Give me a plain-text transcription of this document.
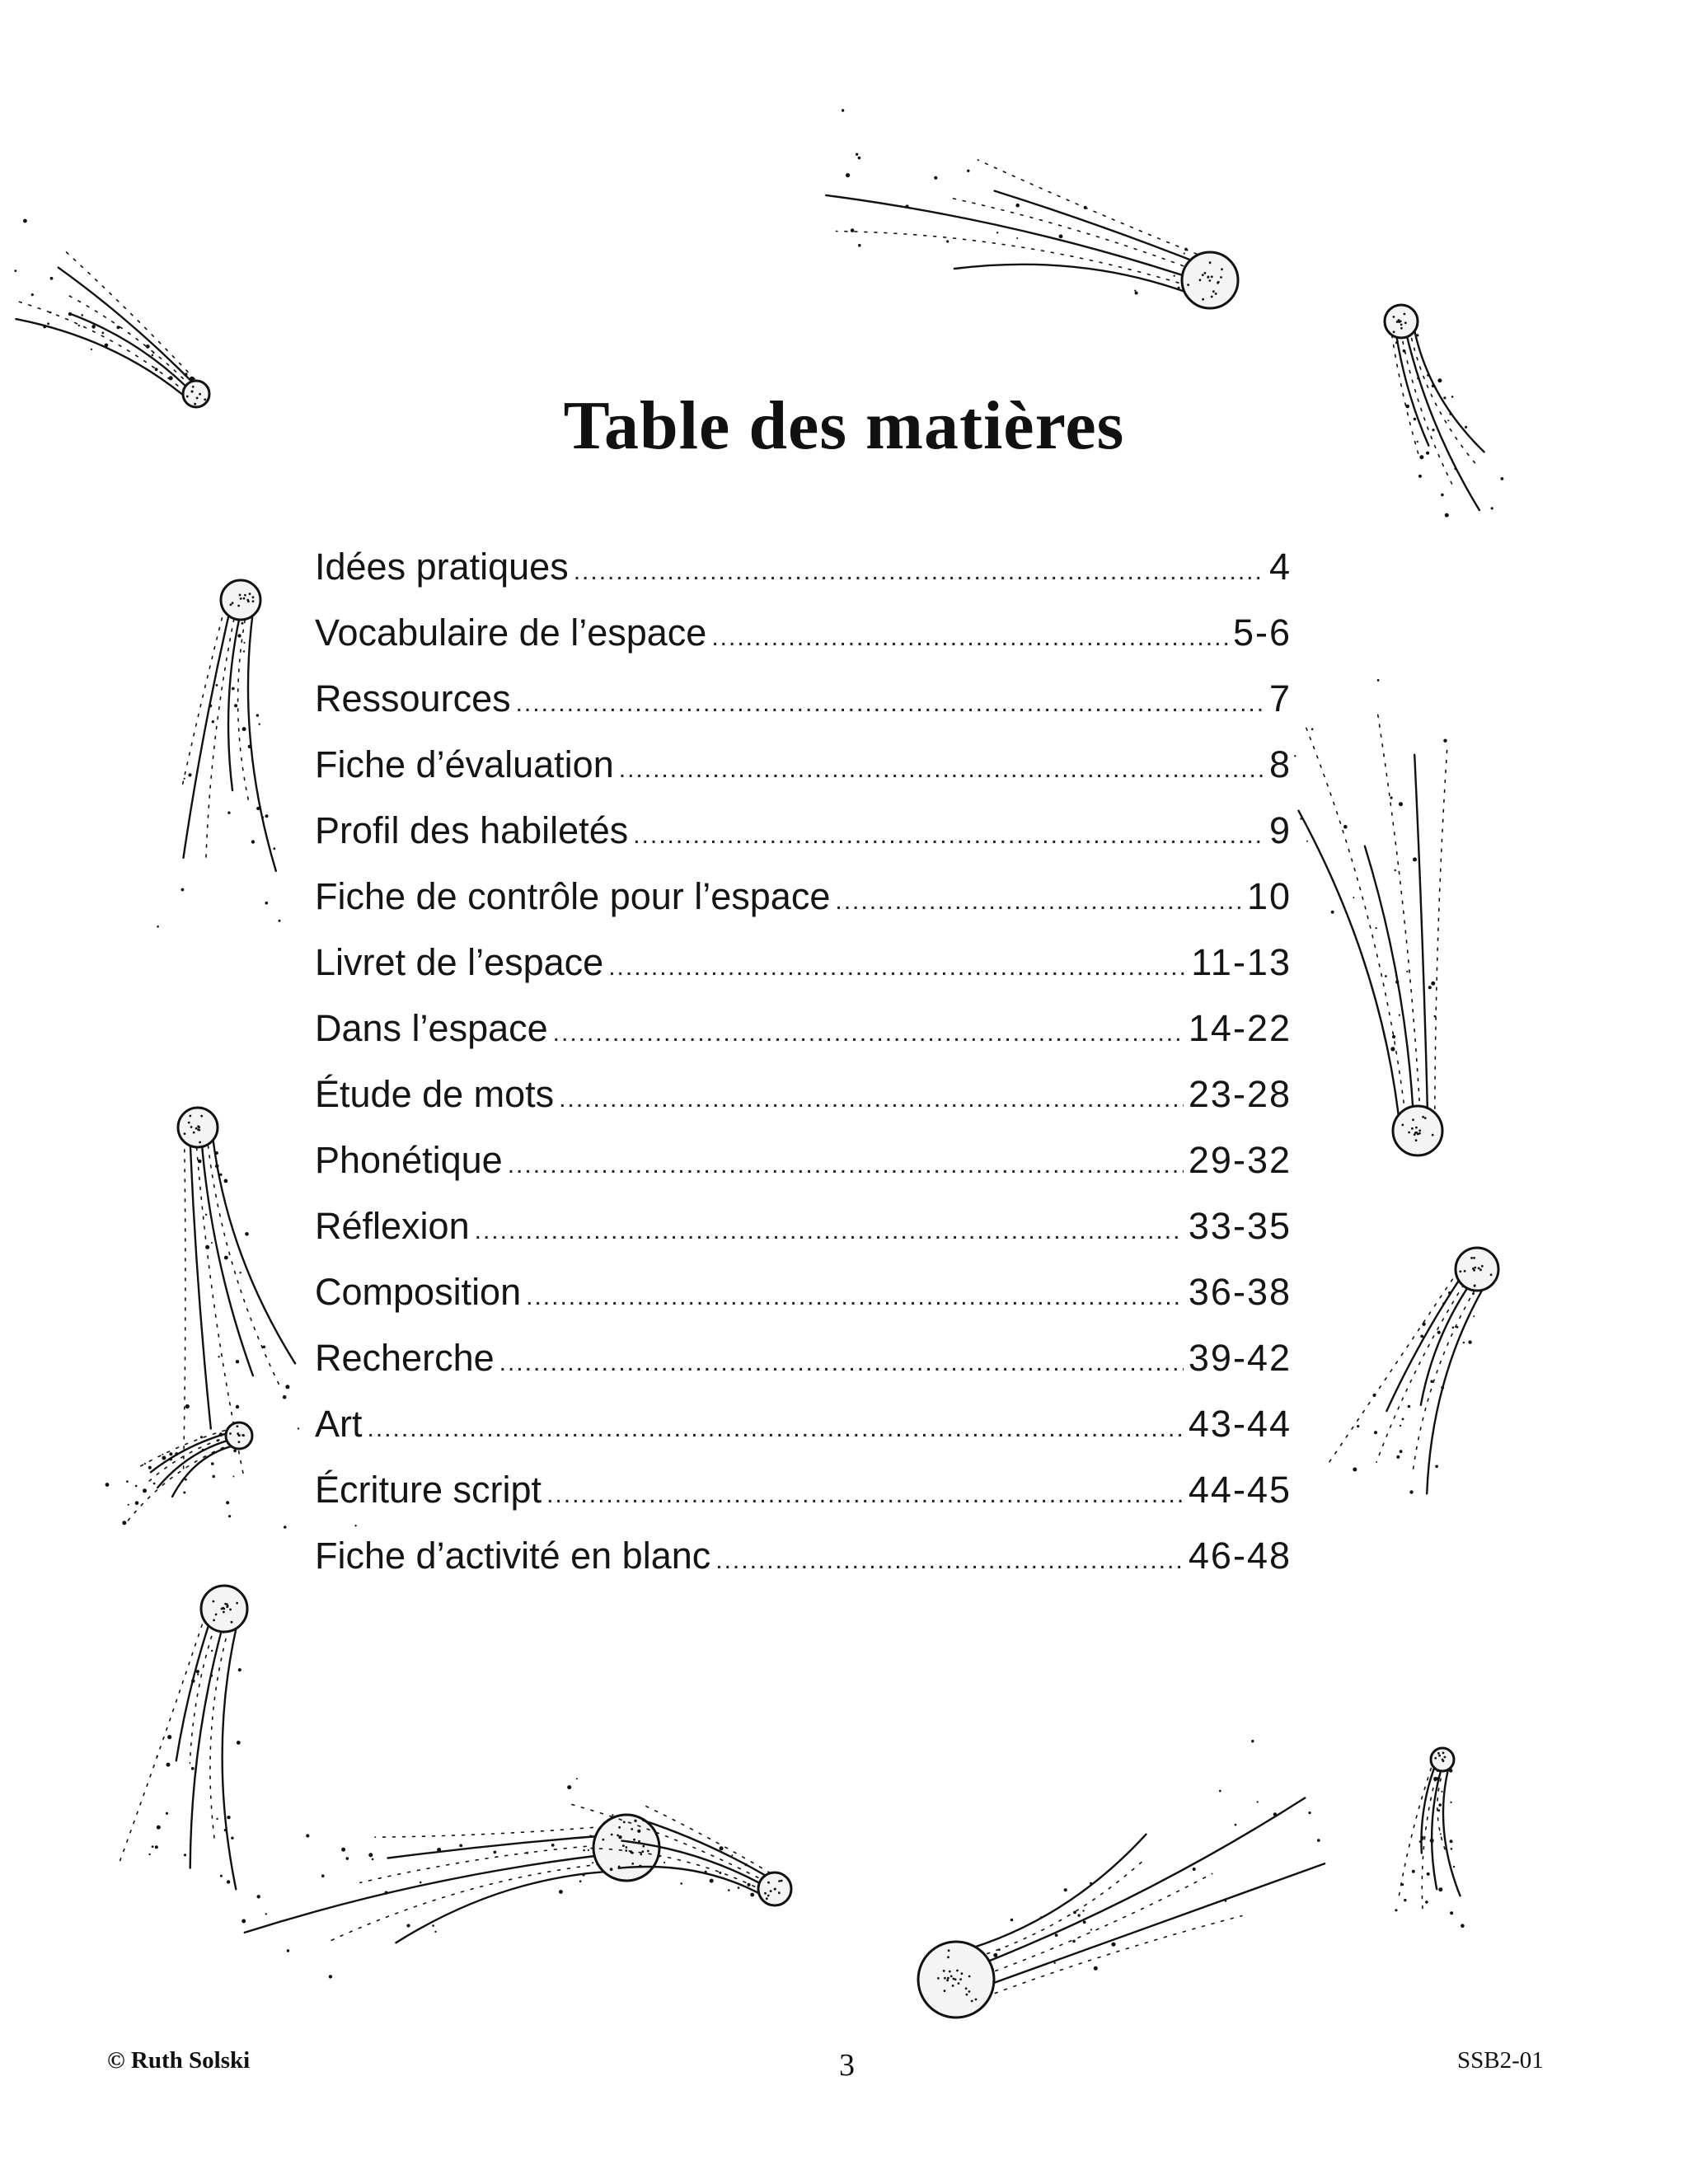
Table des matières
Idées pratiques .....	4
Vocabulaire de l’espace .....	5-6
Ressources .....	7
Fiche d’évaluation .....	8
Profil des habiletés .....	9
Fiche de contrôle pour l’espace .....	10
Livret de l’espace .....	11-13
Dans l’espace .....	14-22
Étude de mots .....	23-28
Phonétique .....	29-32
Réflexion .....	33-35
Composition .....	36-38
Recherche .....	39-42
Art .....	43-44
Écriture script .....	44-45
Fiche d’activité en blanc .....	46-48
© Ruth Solski	3	SSB2-01
